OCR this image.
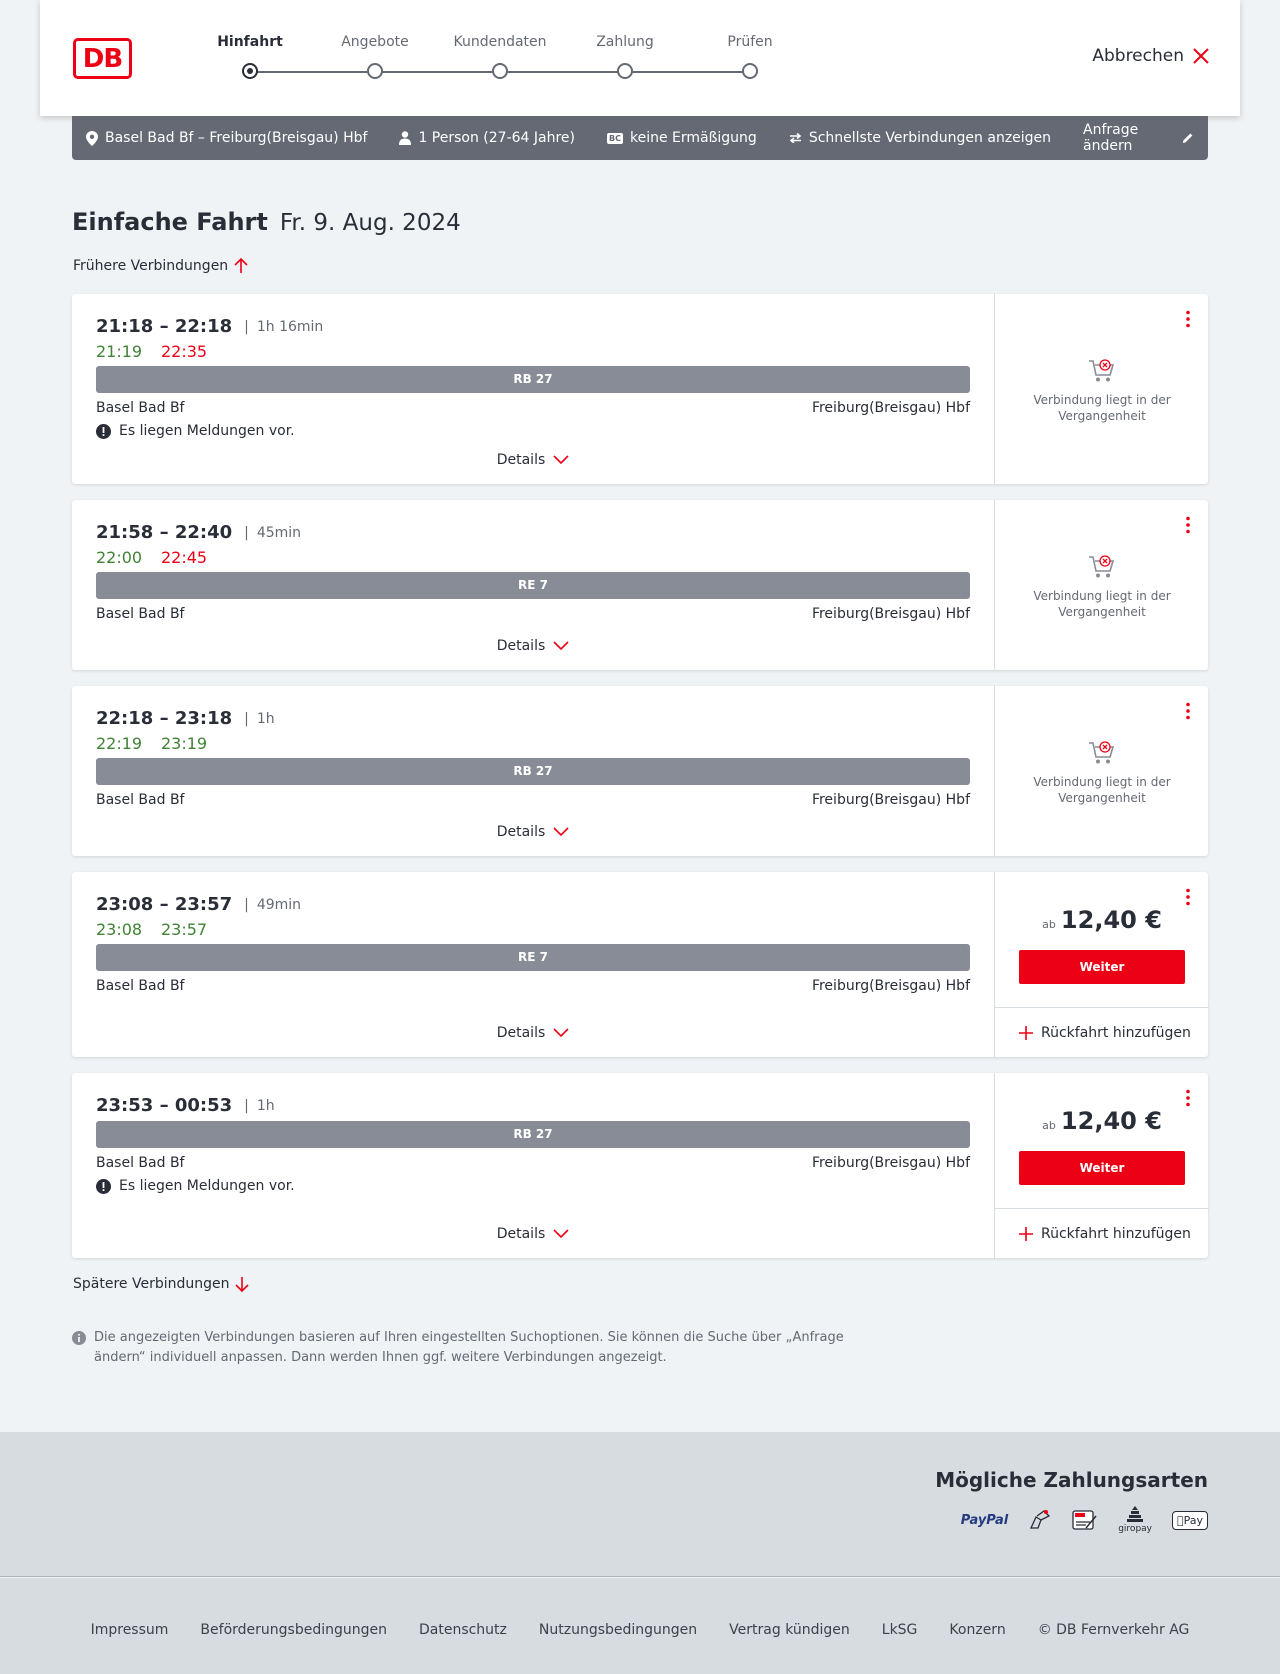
DB
Hinfahrt	Angebote	Kundendaten	Zahlung	Prüfen
Abbrechen
Basel Bad Bf – Freiburg(Breisgau) Hbf	1 Person (27-64 Jahre)	BC keine Ermäßigung	Schnellste Verbindungen anzeigen Anfrage ändern
Einfache Fahrt Fr. 9. Aug. 2024
Frühere Verbindungen
21:18 – 22:18 | 1h 16min
21:19	22:35
RB 27
Basel Bad Bf	Freiburg(Breisgau) Hbf
Es liegen Meldungen vor.
Details
Verbindung liegt in der Vergangenheit
21:58 – 22:40 | 45min
22:00	22:45
RE 7
Basel Bad Bf	Freiburg(Breisgau) Hbf
Details
Verbindung liegt in der Vergangenheit
22:18 – 23:18 | 1h
22:19	23:19
RB 27
Basel Bad Bf	Freiburg(Breisgau) Hbf
Details
Verbindung liegt in der Vergangenheit
23:08 – 23:57 | 49min
23:08	23:57
RE 7
Basel Bad Bf	Freiburg(Breisgau) Hbf
Details
ab 12,40 €
Weiter
Rückfahrt hinzufügen
23:53 – 00:53 | 1h
RB 27
Basel Bad Bf	Freiburg(Breisgau) Hbf
Es liegen Meldungen vor.
Details
ab 12,40 €
Weiter
Rückfahrt hinzufügen
Spätere Verbindungen
Die angezeigten Verbindungen basieren auf Ihren eingestellten Suchoptionen. Sie können die Suche über „Anfrage ändern“ individuell anpassen. Dann werden Ihnen ggf. weitere Verbindungen angezeigt.
Mögliche Zahlungsarten
PayPal
giropay
Pay
Impressum Beförderungsbedingungen Datenschutz Nutzungsbedingungen Vertrag kündigen LkSG Konzern © DB Fernverkehr AG
